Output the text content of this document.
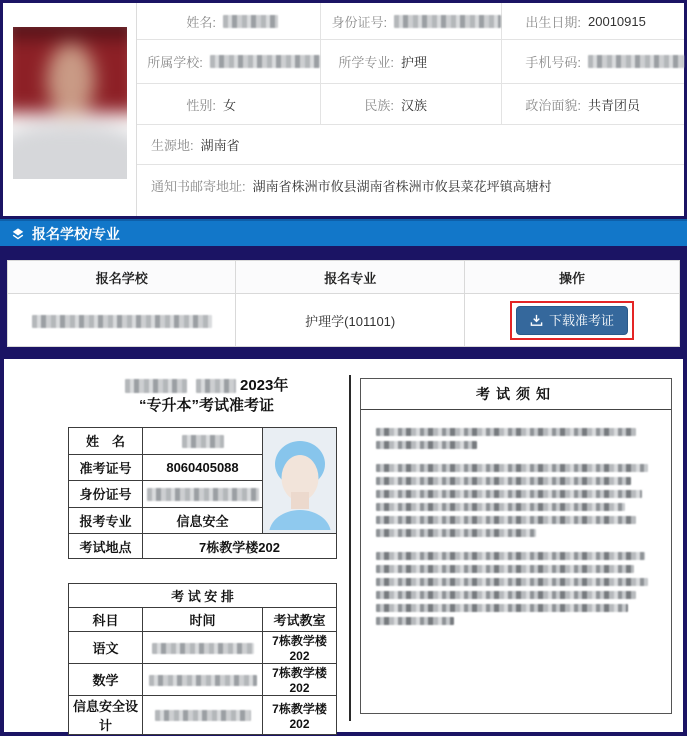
姓名:	身份证号:	出生日期: 20010915
所属学校:	所学专业: 护理	手机号码:
性别: 女	民族: 汉族	政治面貌: 共青团员
生源地: 湖南省
通知书邮寄地址: 湖南省株洲市攸县湖南省株洲市攸县菜花坪镇高塘村
报名学校/专业
报名学校	报名专业	操作
	护理学(101101)	下载准考证
2023年
“专升本”考试准考证
姓　名		
准考证号	8060405088	
身份证号		
报考专业	信息安全	
考试地点	7栋教学楼202	
考 试 安 排		
科目	时间	考试教室
语文		7栋教学楼202
数学		7栋教学楼202
信息安全设计		7栋教学楼202
考试须知
